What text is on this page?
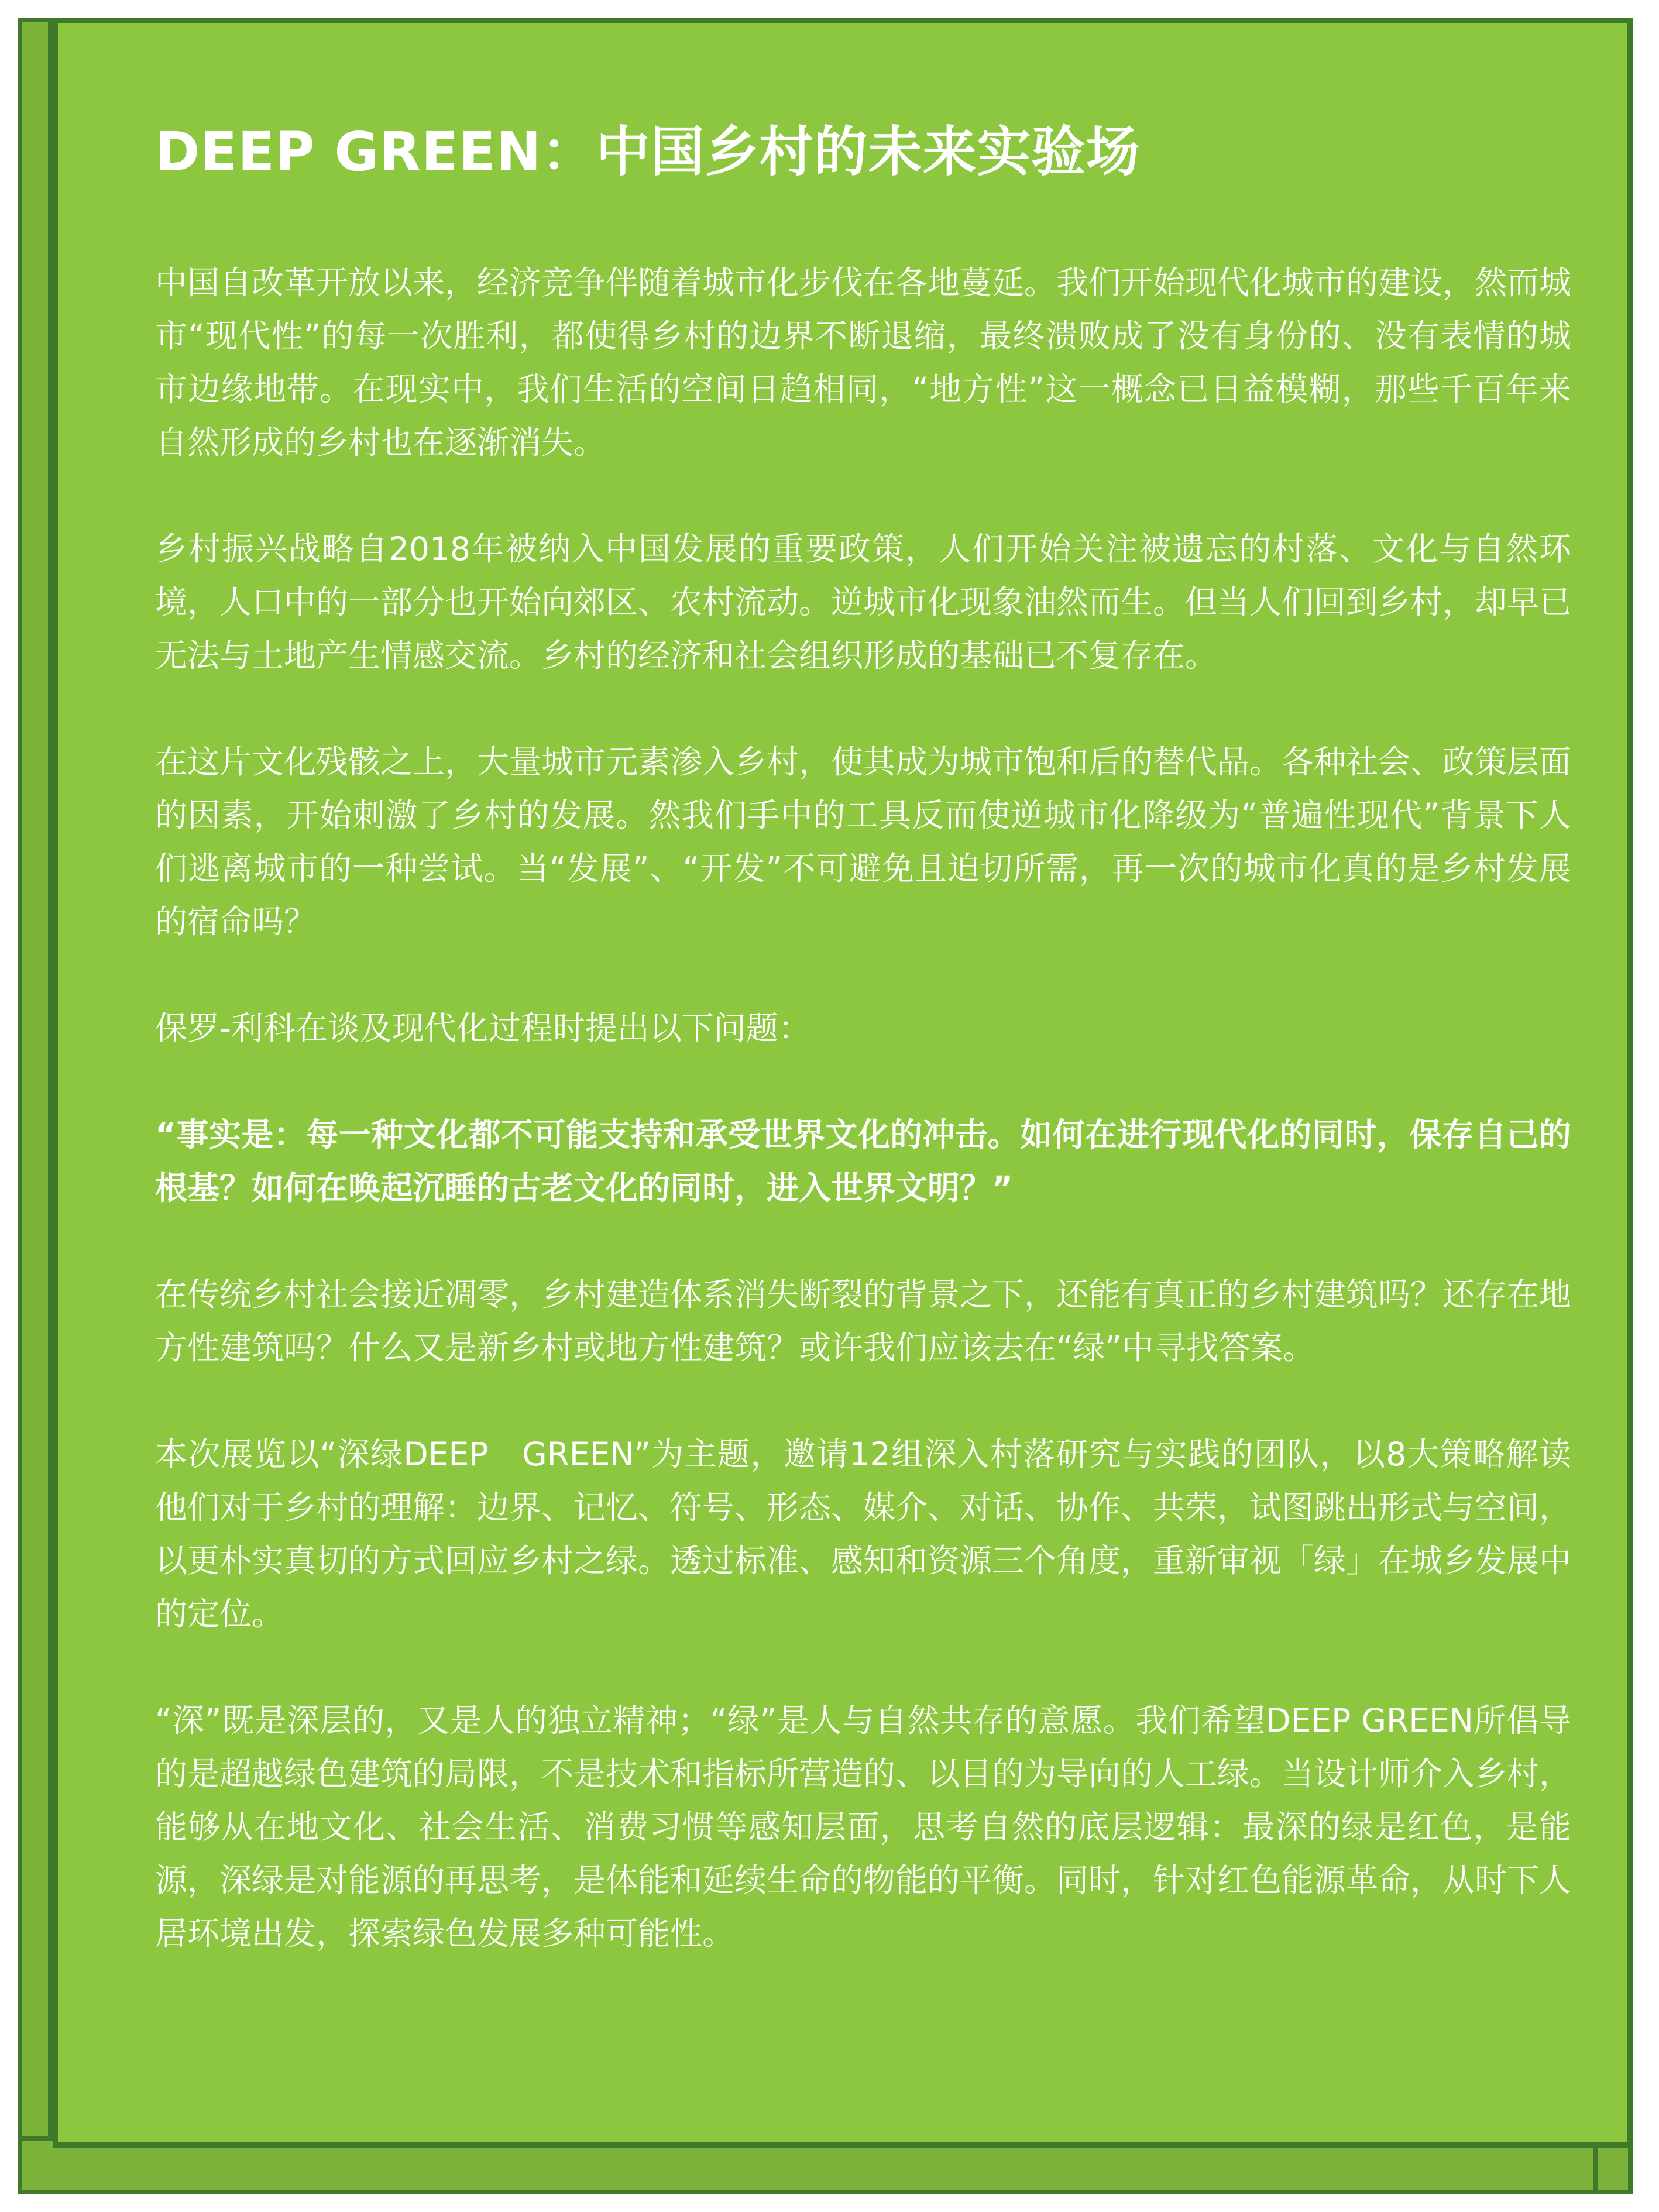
DEEP GREEN：中国乡村的未来实验场

中国自改革开放以来，经济竞争伴随着城市化步伐在各地蔓延。我们开始现代化城市的建设，然而城市“现代性”的每一次胜利，都使得乡村的边界不断退缩，最终溃败成了没有身份的、没有表情的城市边缘地带。在现实中，我们生活的空间日趋相同，“地方性”这一概念已日益模糊，那些千百年来自然形成的乡村也在逐渐消失。

乡村振兴战略自2018年被纳入中国发展的重要政策，人们开始关注被遗忘的村落、文化与自然环境，人口中的一部分也开始向郊区、农村流动。逆城市化现象油然而生。但当人们回到乡村，却早已无法与土地产生情感交流。乡村的经济和社会组织形成的基础已不复存在。

在这片文化残骸之上，大量城市元素渗入乡村，使其成为城市饱和后的替代品。各种社会、政策层面的因素，开始刺激了乡村的发展。然我们手中的工具反而使逆城市化降级为“普遍性现代”背景下人们逃离城市的一种尝试。当“发展”、“开发”不可避免且迫切所需，再一次的城市化真的是乡村发展的宿命吗？

保罗-利科在谈及现代化过程时提出以下问题：

“事实是：每一种文化都不可能支持和承受世界文化的冲击。如何在进行现代化的同时，保存自己的根基？如何在唤起沉睡的古老文化的同时，进入世界文明？”

在传统乡村社会接近凋零，乡村建造体系消失断裂的背景之下，还能有真正的乡村建筑吗？还存在地方性建筑吗？什么又是新乡村或地方性建筑？或许我们应该去在“绿”中寻找答案。

本次展览以“深绿DEEP　GREEN”为主题，邀请12组深入村落研究与实践的团队，以8大策略解读他们对于乡村的理解：边界、记忆、符号、形态、媒介、对话、协作、共荣，试图跳出形式与空间，以更朴实真切的方式回应乡村之绿。透过标准、感知和资源三个角度，重新审视「绿」在城乡发展中的定位。

“深”既是深层的，又是人的独立精神；“绿”是人与自然共存的意愿。我们希望DEEP GREEN所倡导的是超越绿色建筑的局限，不是技术和指标所营造的、以目的为导向的人工绿。当设计师介入乡村，能够从在地文化、社会生活、消费习惯等感知层面，思考自然的底层逻辑：最深的绿是红色，是能源，深绿是对能源的再思考，是体能和延续生命的物能的平衡。同时，针对红色能源革命，从时下人居环境出发，探索绿色发展多种可能性。
